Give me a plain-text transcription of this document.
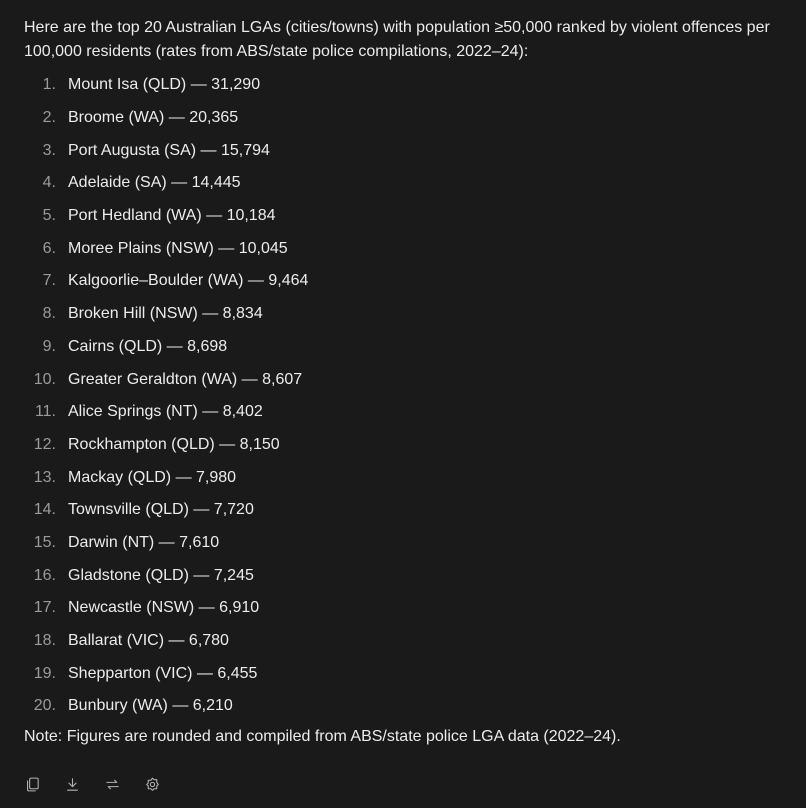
Here are the top 20 Australian LGAs (cities/towns) with population ≥50,000 ranked by violent offences per 100,000 residents (rates from ABS/state police compilations, 2022–24):

1. Mount Isa (QLD) — 31,290
2. Broome (WA) — 20,365
3. Port Augusta (SA) — 15,794
4. Adelaide (SA) — 14,445
5. Port Hedland (WA) — 10,184
6. Moree Plains (NSW) — 10,045
7. Kalgoorlie–Boulder (WA) — 9,464
8. Broken Hill (NSW) — 8,834
9. Cairns (QLD) — 8,698
10. Greater Geraldton (WA) — 8,607
11. Alice Springs (NT) — 8,402
12. Rockhampton (QLD) — 8,150
13. Mackay (QLD) — 7,980
14. Townsville (QLD) — 7,720
15. Darwin (NT) — 7,610
16. Gladstone (QLD) — 7,245
17. Newcastle (NSW) — 6,910
18. Ballarat (VIC) — 6,780
19. Shepparton (VIC) — 6,455
20. Bunbury (WA) — 6,210

Note: Figures are rounded and compiled from ABS/state police LGA data (2022–24).
